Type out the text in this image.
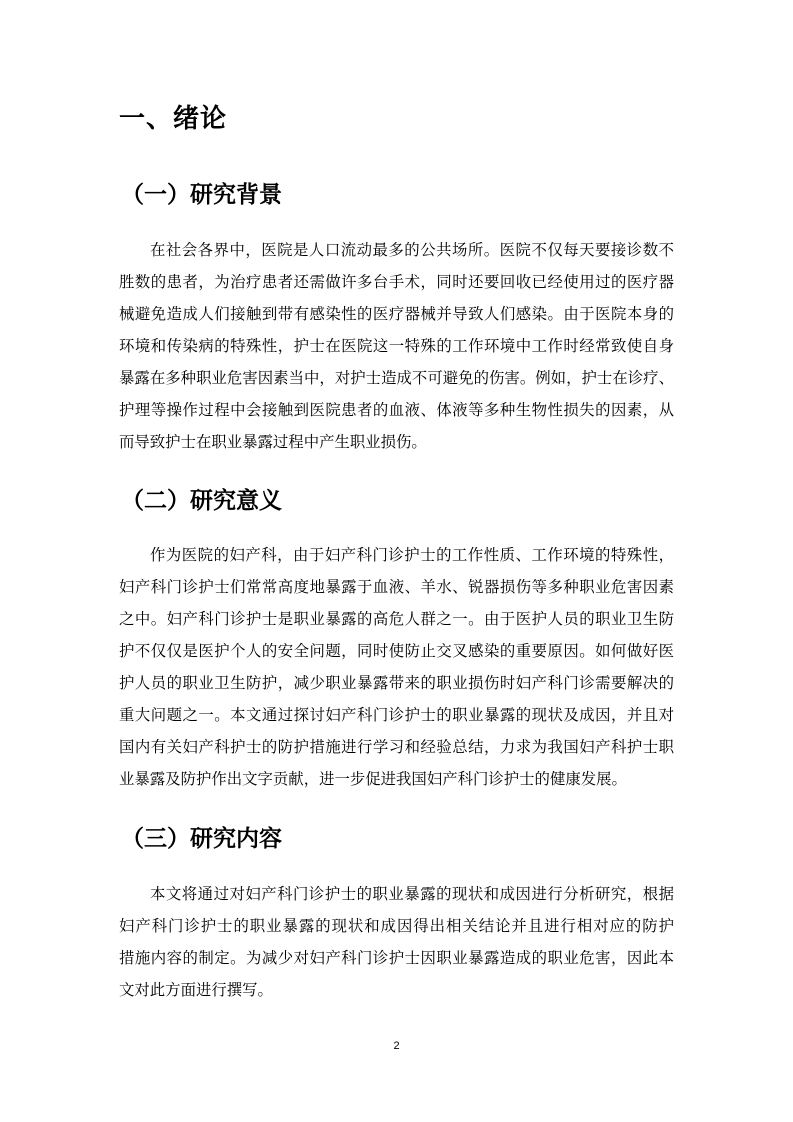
一、绪论
（一）研究背景
在社会各界中，医院是人口流动最多的公共场所。医院不仅每天要接诊数不
胜数的患者，为治疗患者还需做许多台手术，同时还要回收已经使用过的医疗器
械避免造成人们接触到带有感染性的医疗器械并导致人们感染。由于医院本身的
环境和传染病的特殊性，护士在医院这一特殊的工作环境中工作时经常致使自身
暴露在多种职业危害因素当中，对护士造成不可避免的伤害。例如，护士在诊疗、
护理等操作过程中会接触到医院患者的血液、体液等多种生物性损失的因素，从
而导致护士在职业暴露过程中产生职业损伤。
（二）研究意义
作为医院的妇产科，由于妇产科门诊护士的工作性质、工作环境的特殊性，
妇产科门诊护士们常常高度地暴露于血液、羊水、锐器损伤等多种职业危害因素
之中。妇产科门诊护士是职业暴露的高危人群之一。由于医护人员的职业卫生防
护不仅仅是医护个人的安全问题，同时使防止交叉感染的重要原因。如何做好医
护人员的职业卫生防护，减少职业暴露带来的职业损伤时妇产科门诊需要解决的
重大问题之一。本文通过探讨妇产科门诊护士的职业暴露的现状及成因，并且对
国内有关妇产科护士的防护措施进行学习和经验总结，力求为我国妇产科护士职
业暴露及防护作出文字贡献，进一步促进我国妇产科门诊护士的健康发展。
（三）研究内容
本文将通过对妇产科门诊护士的职业暴露的现状和成因进行分析研究，根据
妇产科门诊护士的职业暴露的现状和成因得出相关结论并且进行相对应的防护
措施内容的制定。为减少对妇产科门诊护士因职业暴露造成的职业危害，因此本
文对此方面进行撰写。
2
